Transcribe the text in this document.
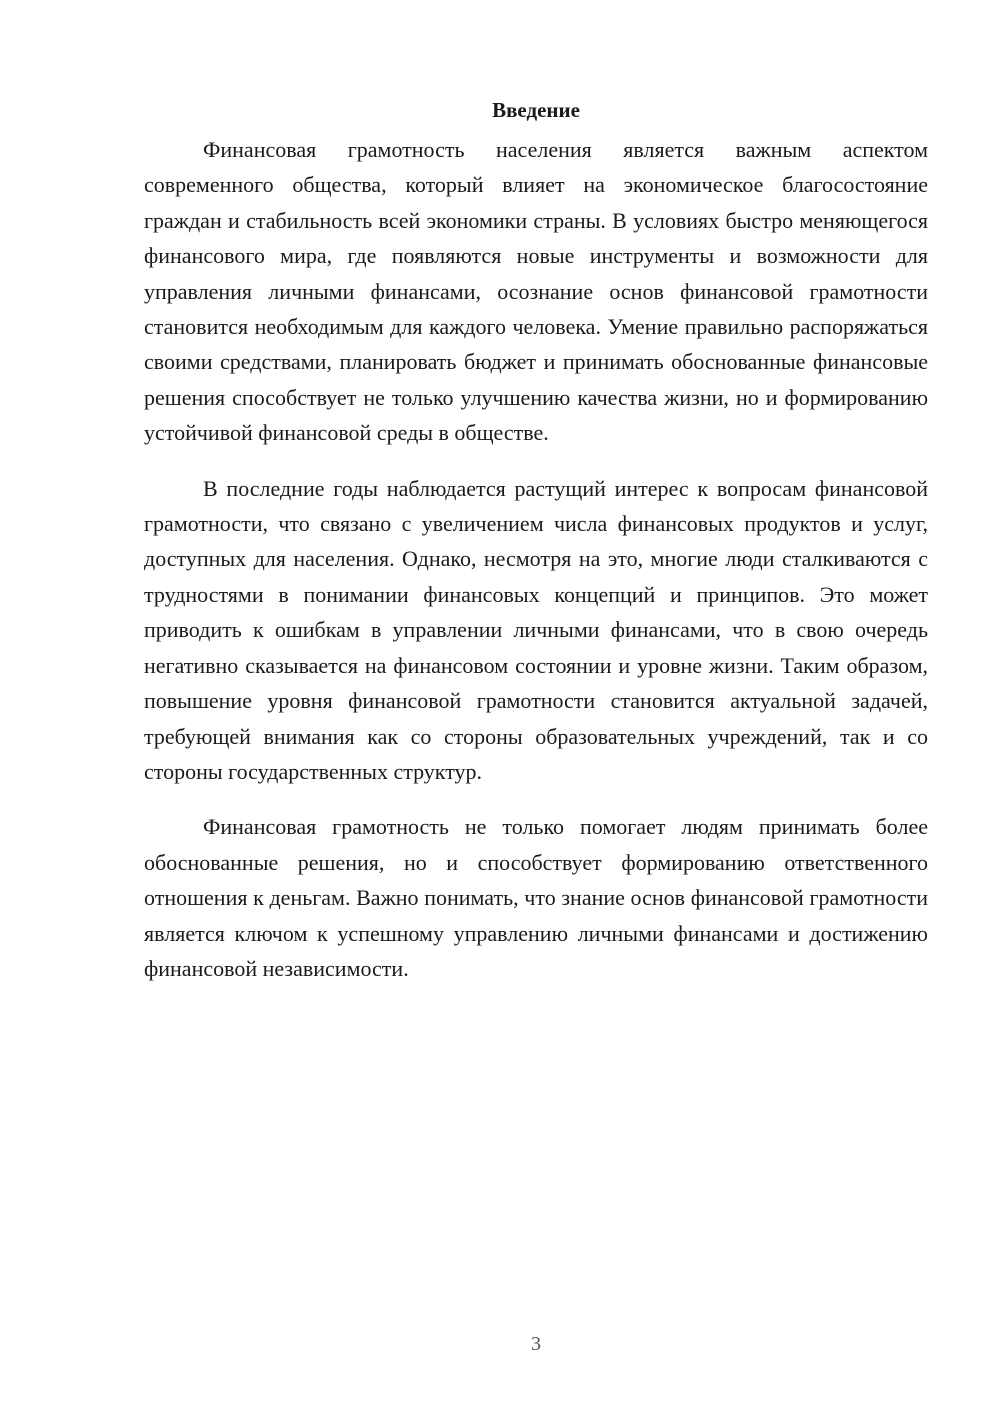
Введение

Финансовая грамотность населения является важным аспектом современного общества, который влияет на экономическое благосостояние граждан и стабильность всей экономики страны. В условиях быстро меняющегося финансового мира, где появляются новые инструменты и возможности для управления личными финансами, осознание основ финансовой грамотности становится необходимым для каждого человека. Умение правильно распоряжаться своими средствами, планировать бюджет и принимать обоснованные финансовые решения способствует не только улучшению качества жизни, но и формированию устойчивой финансовой среды в обществе.

В последние годы наблюдается растущий интерес к вопросам финансовой грамотности, что связано с увеличением числа финансовых продуктов и услуг, доступных для населения. Однако, несмотря на это, многие люди сталкиваются с трудностями в понимании финансовых концепций и принципов. Это может приводить к ошибкам в управлении личными финансами, что в свою очередь негативно сказывается на финансовом состоянии и уровне жизни. Таким образом, повышение уровня финансовой грамотности становится актуальной задачей, требующей внимания как со стороны образовательных учреждений, так и со стороны государственных структур.

Финансовая грамотность не только помогает людям принимать более обоснованные решения, но и способствует формированию ответственного отношения к деньгам. Важно понимать, что знание основ финансовой грамотности является ключом к успешному управлению личными финансами и достижению финансовой независимости.

3
